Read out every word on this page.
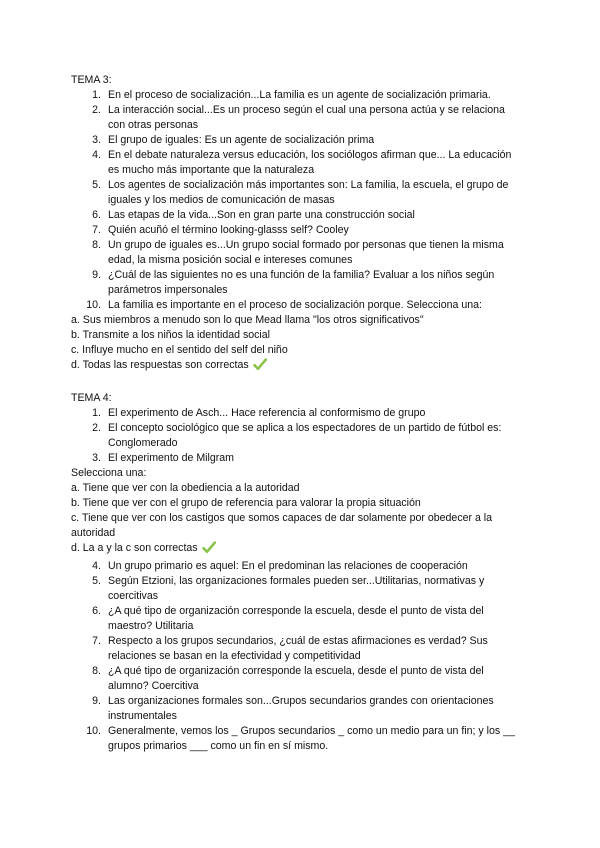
TEMA 3:

1. En el proceso de socialización...La familia es un agente de socialización primaria.
2. La interacción social...Es un proceso según el cual una persona actúa y se relaciona con otras personas
3. El grupo de iguales: Es un agente de socialización prima
4. En el debate naturaleza versus educación, los sociólogos afirman que... La educación es mucho más importante que la naturaleza
5. Los agentes de socialización más importantes son: La familia, la escuela, el grupo de iguales y los medios de comunicación de masas
6. Las etapas de la vida...Son en gran parte una construcción social
7. Quién acuñó el término looking-glasss self? Cooley
8. Un grupo de iguales es...Un grupo social formado por personas que tienen la misma edad, la misma posición social e intereses comunes
9. ¿Cuál de las siguientes no es una función de la familia? Evaluar a los niños según parámetros impersonales
10. La familia es importante en el proceso de socialización porque. Selecciona una:

a. Sus miembros a menudo son lo que Mead llama "los otros significativos"

b. Transmite a los niños la identidad social

c. Influye mucho en el sentido del self del niño

d. Todas las respuestas son correctas

TEMA 4:

1. El experimento de Asch... Hace referencia al conformismo de grupo
2. El concepto sociológico que se aplica a los espectadores de un partido de fútbol es: Conglomerado
3. El experimento de Milgram

Selecciona una:

a. Tiene que ver con la obediencia a la autoridad

b. Tiene que ver con el grupo de referencia para valorar la propia situación

c. Tiene que ver con los castigos que somos capaces de dar solamente por obedecer a la autoridad

d. La a y la c son correctas

4. Un grupo primario es aquel: En el predominan las relaciones de cooperación
5. Según Etzioni, las organizaciones formales pueden ser...Utilitarias, normativas y coercitivas
6. ¿A qué tipo de organización corresponde la escuela, desde el punto de vista del maestro? Utilitaria
7. Respecto a los grupos secundarios, ¿cuál de estas afirmaciones es verdad? Sus relaciones se basan en la efectividad y competitividad
8. ¿A qué tipo de organización corresponde la escuela, desde el punto de vista del alumno? Coercitiva
9. Las organizaciones formales son...Grupos secundarios grandes con orientaciones instrumentales
10. Generalmente, vemos los _ Grupos secundarios _ como un medio para un fin; y los __ grupos primarios ___ como un fin en sí mismo.
